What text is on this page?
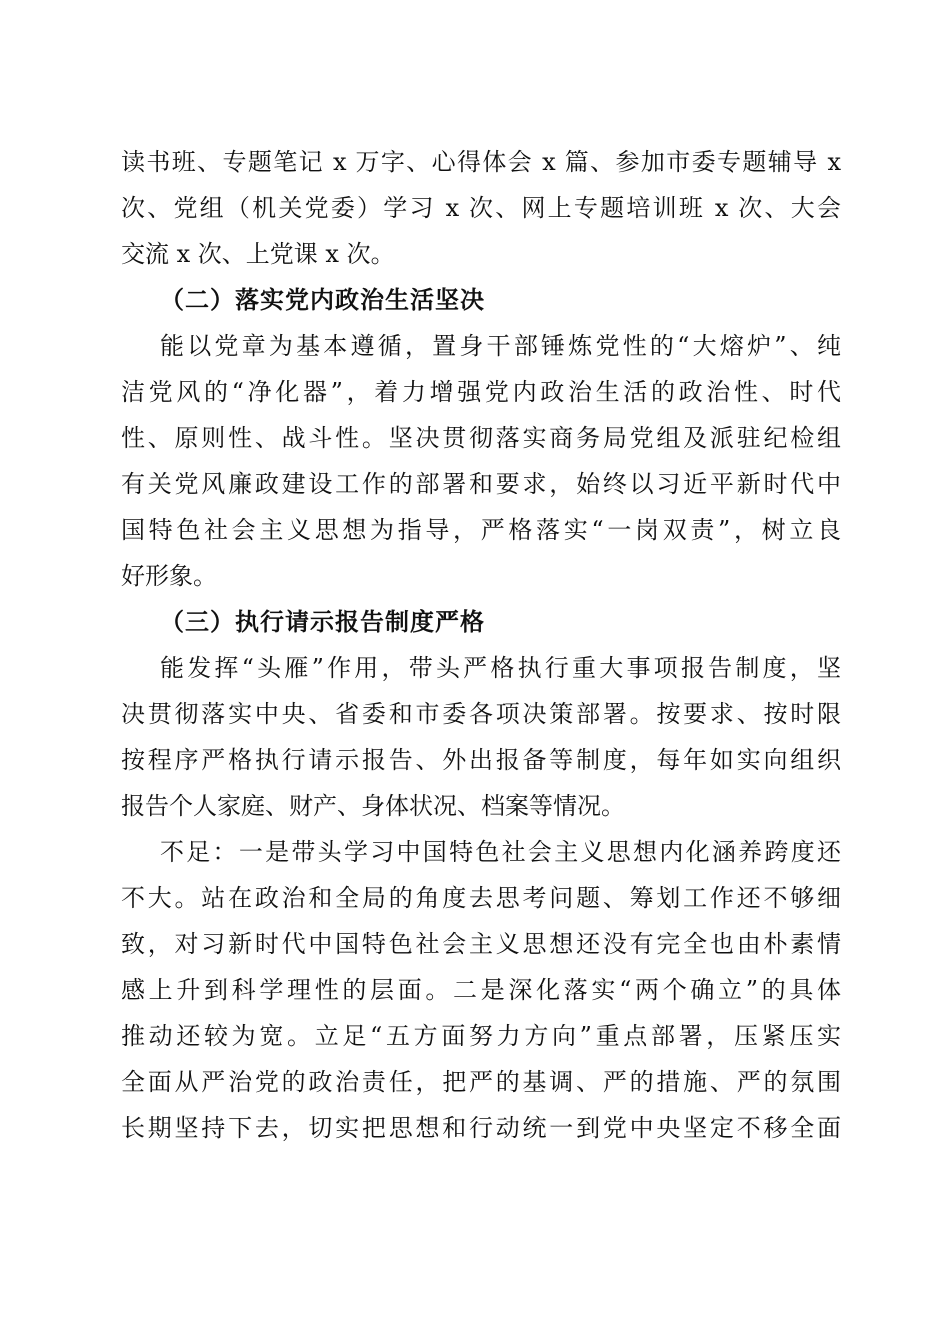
读书班、专题笔记 x 万字、心得体会 x 篇、参加市委专题辅导 x
次、党组（机关党委）学习 x 次、网上专题培训班 x 次、大会
交流 x 次、上党课 x 次。
（二）落实党内政治生活坚决
能以党章为基本遵循，置身干部锤炼党性的“大熔炉”、纯
洁党风的“净化器”，着力增强党内政治生活的政治性、时代
性、原则性、战斗性。坚决贯彻落实商务局党组及派驻纪检组
有关党风廉政建设工作的部署和要求，始终以习近平新时代中
国特色社会主义思想为指导，严格落实“一岗双责”，树立良
好形象。
（三）执行请示报告制度严格
能发挥“头雁”作用，带头严格执行重大事项报告制度，坚
决贯彻落实中央、省委和市委各项决策部署。按要求、按时限
按程序严格执行请示报告、外出报备等制度，每年如实向组织
报告个人家庭、财产、身体状况、档案等情况。
不足：一是带头学习中国特色社会主义思想内化涵养跨度还
不大。站在政治和全局的角度去思考问题、筹划工作还不够细
致，对习新时代中国特色社会主义思想还没有完全也由朴素情
感上升到科学理性的层面。二是深化落实“两个确立”的具体
推动还较为宽。立足“五方面努力方向”重点部署，压紧压实
全面从严治党的政治责任，把严的基调、严的措施、严的氛围
长期坚持下去，切实把思想和行动统一到党中央坚定不移全面
